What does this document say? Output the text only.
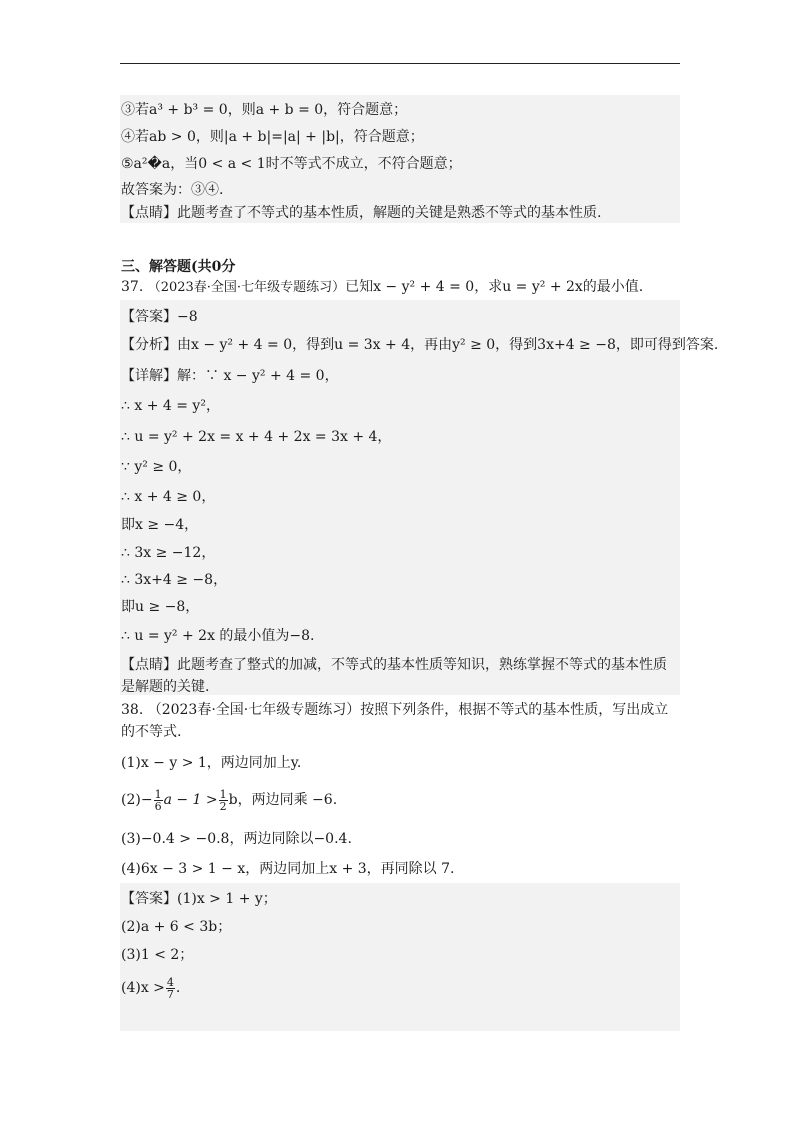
③若a³ + b³ = 0，则a + b = 0，符合题意；
④若ab > 0，则|a + b|=|a| + |b|，符合题意；
⑤a²�a，当0 < a < 1时不等式不成立，不符合题意；
故答案为：③④.
【点睛】此题考查了不等式的基本性质，解题的关键是熟悉不等式的基本性质.
三、解答题(共0分
37. （2023春·全国·七年级专题练习）已知x − y² + 4 = 0，求u = y² + 2x的最小值.
【答案】−8
【分析】由x − y² + 4 = 0，得到u = 3x + 4，再由y² ≥ 0，得到3x+4 ≥ −8，即可得到答案.
【详解】解：∵ x − y² + 4 = 0，
∴ x + 4 = y²，
∴ u = y² + 2x = x + 4 + 2x = 3x + 4，
∵ y² ≥ 0，
∴ x + 4 ≥ 0，
即x ≥ −4，
∴ 3x ≥ −12，
∴ 3x+4 ≥ −8，
即u ≥ −8，
∴ u = y² + 2x 的最小值为−8.
【点睛】此题考查了整式的加减，不等式的基本性质等知识，熟练掌握不等式的基本性质
是解题的关键.
38. （2023春·全国·七年级专题练习）按照下列条件，根据不等式的基本性质，写出成立
的不等式.
(1)x − y > 1，两边同加上y.
$(2)- \frac{1}{6}$ $a - 1 > \frac{1}{2}$ b，两边同乘 −6.
(3)−0.4 > −0.8，两边同除以−0.4.
(4)6x − 3 > 1 − x，两边同加上x + 3，再同除以 7.
【答案】(1)x > 1 + y；
(2)a + 6 < 3b；
(3)1 < 2；
$(4)x > \frac{4}{7}$ .
